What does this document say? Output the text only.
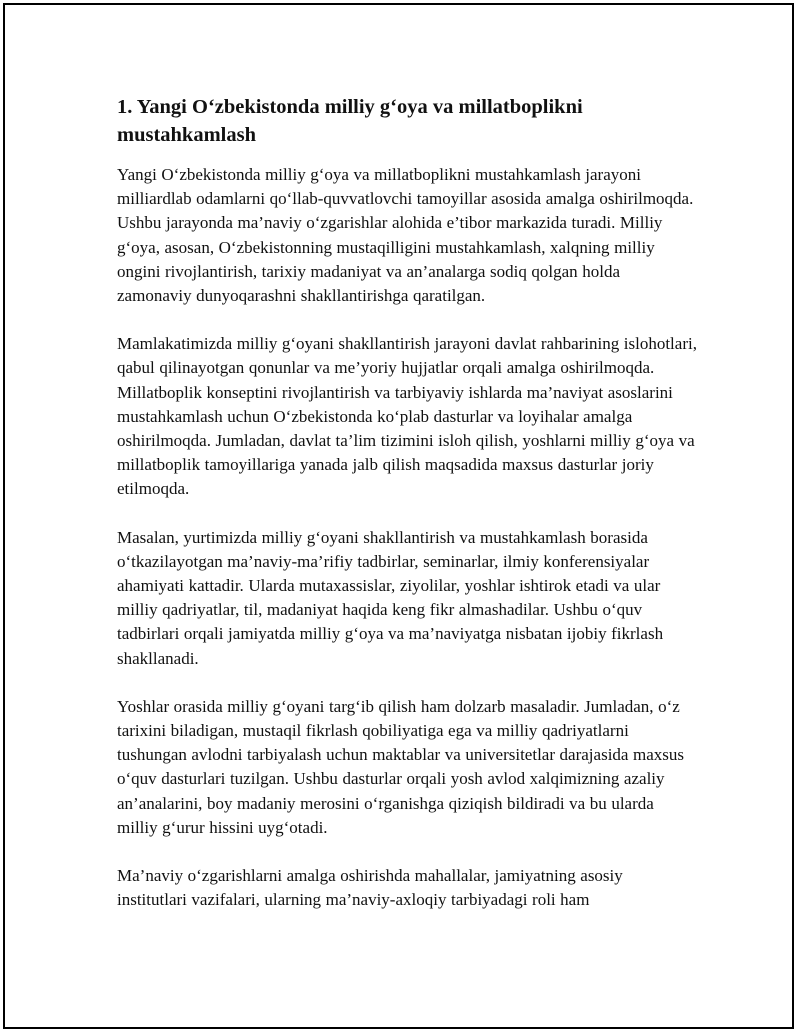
1. Yangi O‘zbekistonda milliy g‘oya va millatboplikni mustahkamlash

Yangi O‘zbekistonda milliy g‘oya va millatboplikni mustahkamlash jarayoni milliardlab odamlarni qo‘llab-quvvatlovchi tamoyillar asosida amalga oshirilmoqda. Ushbu jarayonda ma’naviy o‘zgarishlar alohida e’tibor markazida turadi. Milliy g‘oya, asosan, O‘zbekistonning mustaqilligini mustahkamlash, xalqning milliy ongini rivojlantirish, tarixiy madaniyat va an’analarga sodiq qolgan holda zamonaviy dunyoqarashni shakllantirishga qaratilgan.

Mamlakatimizda milliy g‘oyani shakllantirish jarayoni davlat rahbarining islohotlari, qabul qilinayotgan qonunlar va me’yoriy hujjatlar orqali amalga oshirilmoqda. Millatboplik konseptini rivojlantirish va tarbiyaviy ishlarda ma’naviyat asoslarini mustahkamlash uchun O‘zbekistonda ko‘plab dasturlar va loyihalar amalga oshirilmoqda. Jumladan, davlat ta’lim tizimini isloh qilish, yoshlarni milliy g‘oya va millatboplik tamoyillariga yanada jalb qilish maqsadida maxsus dasturlar joriy etilmoqda.

Masalan, yurtimizda milliy g‘oyani shakllantirish va mustahkamlash borasida o‘tkazilayotgan ma’naviy-ma’rifiy tadbirlar, seminarlar, ilmiy konferensiyalar ahamiyati kattadir. Ularda mutaxassislar, ziyolilar, yoshlar ishtirok etadi va ular milliy qadriyatlar, til, madaniyat haqida keng fikr almashadilar. Ushbu o‘quv tadbirlari orqali jamiyatda milliy g‘oya va ma’naviyatga nisbatan ijobiy fikrlash shakllanadi.

Yoshlar orasida milliy g‘oyani targ‘ib qilish ham dolzarb masaladir. Jumladan, o‘z tarixini biladigan, mustaqil fikrlash qobiliyatiga ega va milliy qadriyatlarni tushungan avlodni tarbiyalash uchun maktablar va universitetlar darajasida maxsus o‘quv dasturlari tuzilgan. Ushbu dasturlar orqali yosh avlod xalqimizning azaliy an’analarini, boy madaniy merosini o‘rganishga qiziqish bildiradi va bu ularda milliy g‘urur hissini uyg‘otadi.

Ma’naviy o‘zgarishlarni amalga oshirishda mahallalar, jamiyatning asosiy institutlari vazifalari, ularning ma’naviy-axloqiy tarbiyadagi roli ham
